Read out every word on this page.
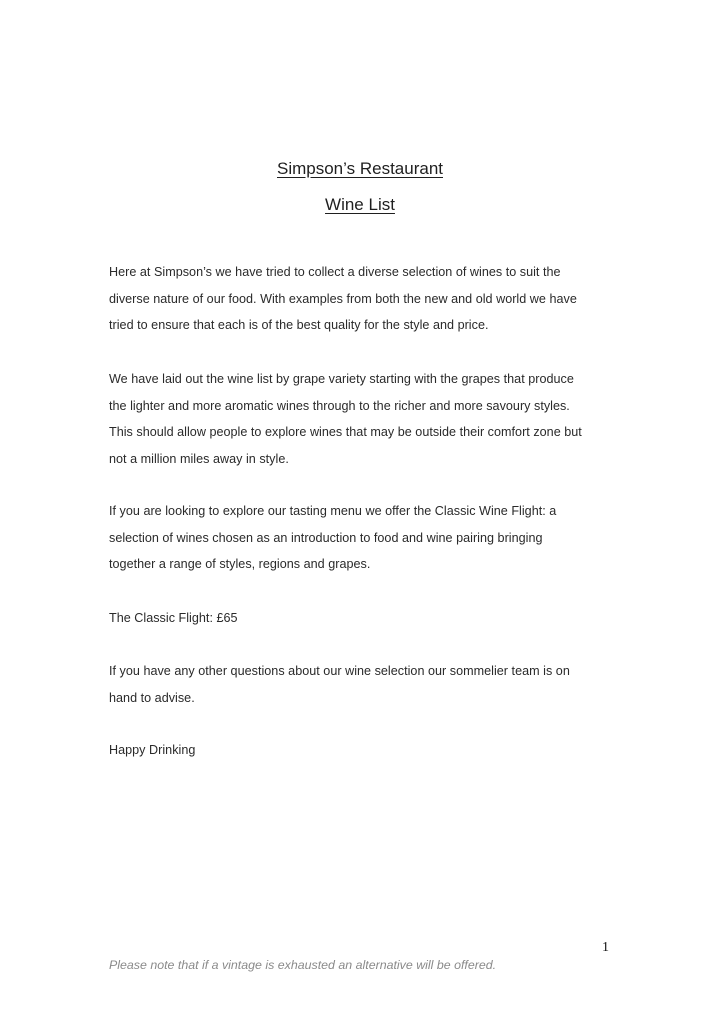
Simpson’s Restaurant
Wine List
Here at Simpson’s we have tried to collect a diverse selection of wines to suit the
diverse nature of our food. With examples from both the new and old world we have
tried to ensure that each is of the best quality for the style and price.
We have laid out the wine list by grape variety starting with the grapes that produce
the lighter and more aromatic wines through to the richer and more savoury styles.
This should allow people to explore wines that may be outside their comfort zone but
not a million miles away in style.
If you are looking to explore our tasting menu we offer the Classic Wine Flight: a
selection of wines chosen as an introduction to food and wine pairing bringing
together a range of styles, regions and grapes.
The Classic Flight: £65
If you have any other questions about our wine selection our sommelier team is on
hand to advise.
Happy Drinking
1
Please note that if a vintage is exhausted an alternative will be offered.
